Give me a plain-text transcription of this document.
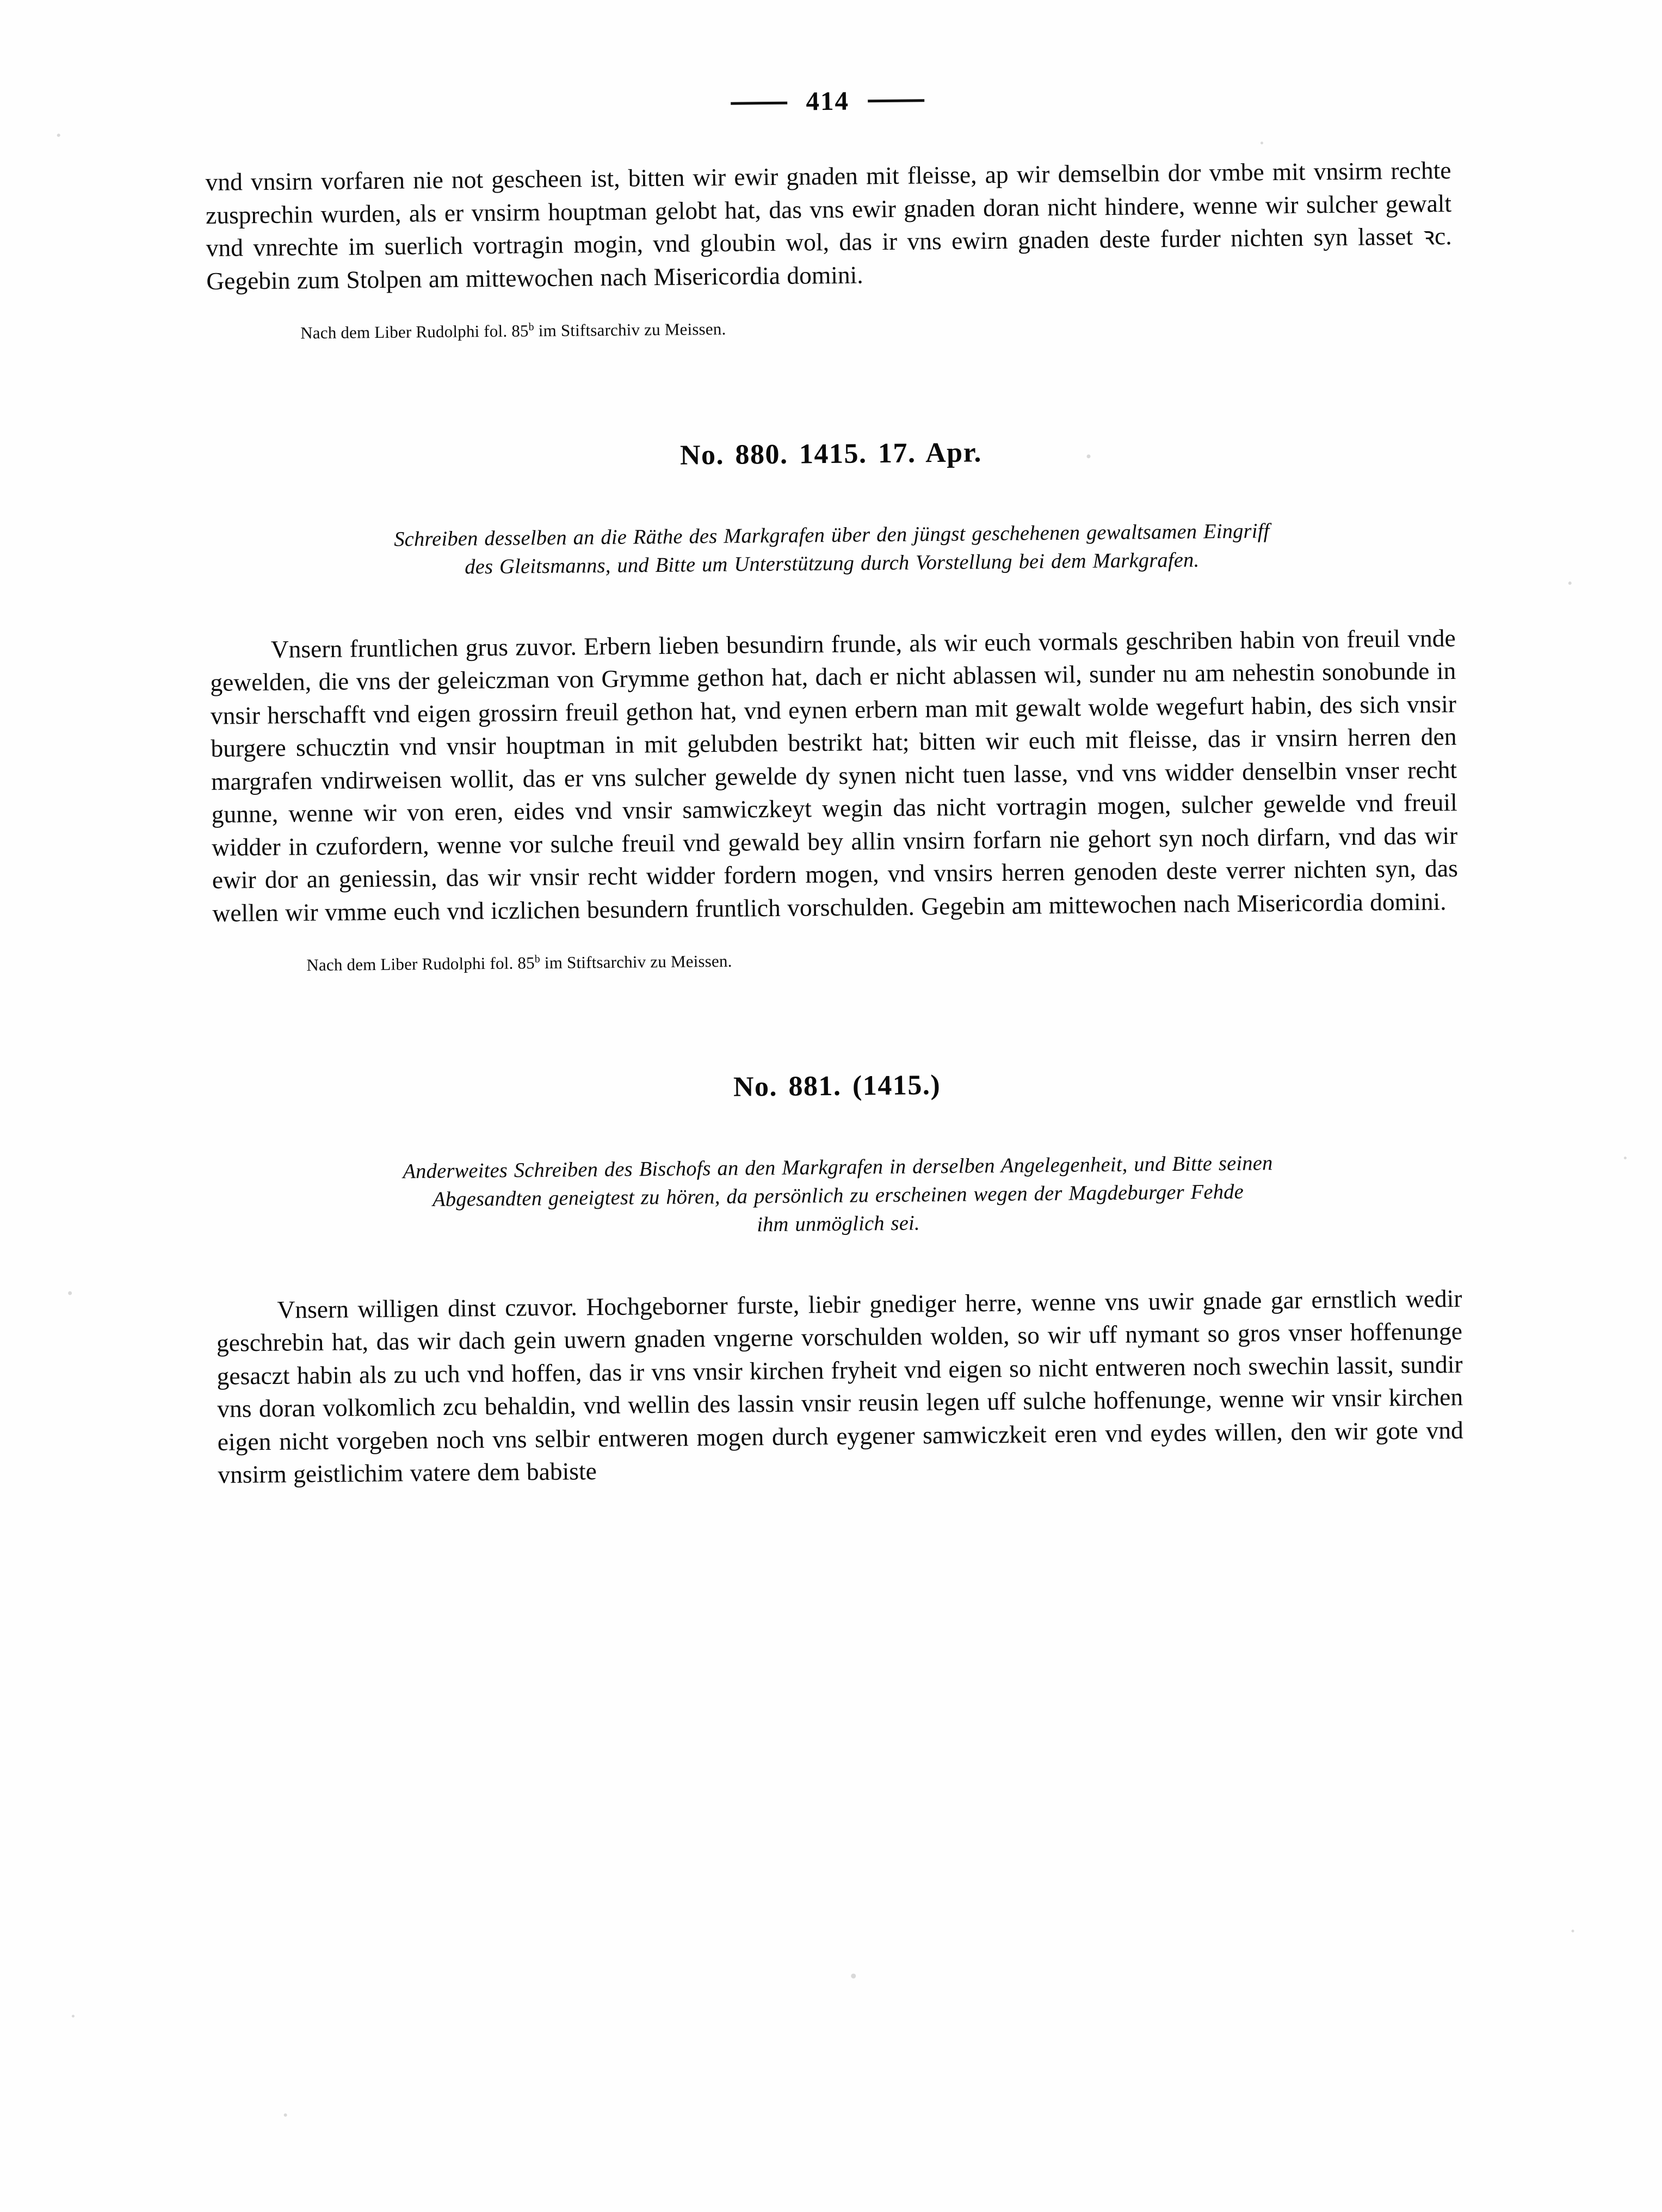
414

vnd vnsirn vorfaren nie not gescheen ist, bitten wir ewir gnaden mit fleisse, ap wir demselbin dor vmbe mit vnsirm rechte zusprechin wurden, als er vnsirm houptman gelobt hat, das vns ewir gnaden doran nicht hindere, wenne wir sulcher gewalt vnd vnrechte im suerlich vortragin mogin, vnd gloubin wol, das ir vns ewirn gnaden deste furder nichten syn lasset ꝛc. Gegebin zum Stolpen am mittewochen nach Misericordia domini.

Nach dem Liber Rudolphi fol. 85$^b$ im Stiftsarchiv zu Meissen.

No. 880. 1415. 17. Apr.
Schreiben desselben an die Räthe des Markgrafen über den jüngst geschehenen gewaltsamen Eingriff
des Gleitsmanns, und Bitte um Unterstützung durch Vorstellung bei dem Markgrafen.

Vnsern fruntlichen grus zuvor. Erbern lieben besundirn frunde, als wir euch vormals geschriben habin von freuil vnde gewelden, die vns der geleiczman von Grymme gethon hat, dach er nicht ablassen wil, sunder nu am nehestin sonobunde in vnsir herschafft vnd eigen grossirn freuil gethon hat, vnd eynen erbern man mit gewalt wolde wegefurt habin, des sich vnsir burgere schucztin vnd vnsir houptman in mit gelubden bestrikt hat; bitten wir euch mit fleisse, das ir vnsirn herren den margrafen vndirweisen wollit, das er vns sulcher gewelde dy synen nicht tuen lasse, vnd vns widder denselbin vnser recht gunne, wenne wir von eren, eides vnd vnsir samwiczkeyt wegin das nicht vortragin mogen, sulcher gewelde vnd freuil widder in czufordern, wenne vor sulche freuil vnd gewald bey allin vnsirn forfarn nie gehort syn noch dirfarn, vnd das wir ewir dor an geniessin, das wir vnsir recht widder fordern mogen, vnd vnsirs herren genoden deste verrer nichten syn, das wellen wir vmme euch vnd iczlichen besundern fruntlich vorschulden. Gegebin am mittewochen nach Misericordia domini.

Nach dem Liber Rudolphi fol. 85$^b$ im Stiftsarchiv zu Meissen.

No. 881. (1415.)
Anderweites Schreiben des Bischofs an den Markgrafen in derselben Angelegenheit, und Bitte seinen
Abgesandten geneigtest zu hören, da persönlich zu erscheinen wegen der Magdeburger Fehde
ihm unmöglich sei.

Vnsern willigen dinst czuvor. Hochgeborner furste, liebir gnediger herre, wenne vns uwir gnade gar ernstlich wedir geschrebin hat, das wir dach gein uwern gnaden vngerne vorschulden wolden, so wir uff nymant so gros vnser hoffenunge gesaczt habin als zu uch vnd hoffen, das ir vns vnsir kirchen fryheit vnd eigen so nicht entweren noch swechin lassit, sundir vns doran volkomlich zcu behaldin, vnd wellin des lassin vnsir reusin legen uff sulche hoffenunge, wenne wir vnsir kirchen eigen nicht vorgeben noch vns selbir entweren mogen durch eygener samwiczkeit eren vnd eydes willen, den wir gote vnd vnsirm geistlichim vatere dem babiste
